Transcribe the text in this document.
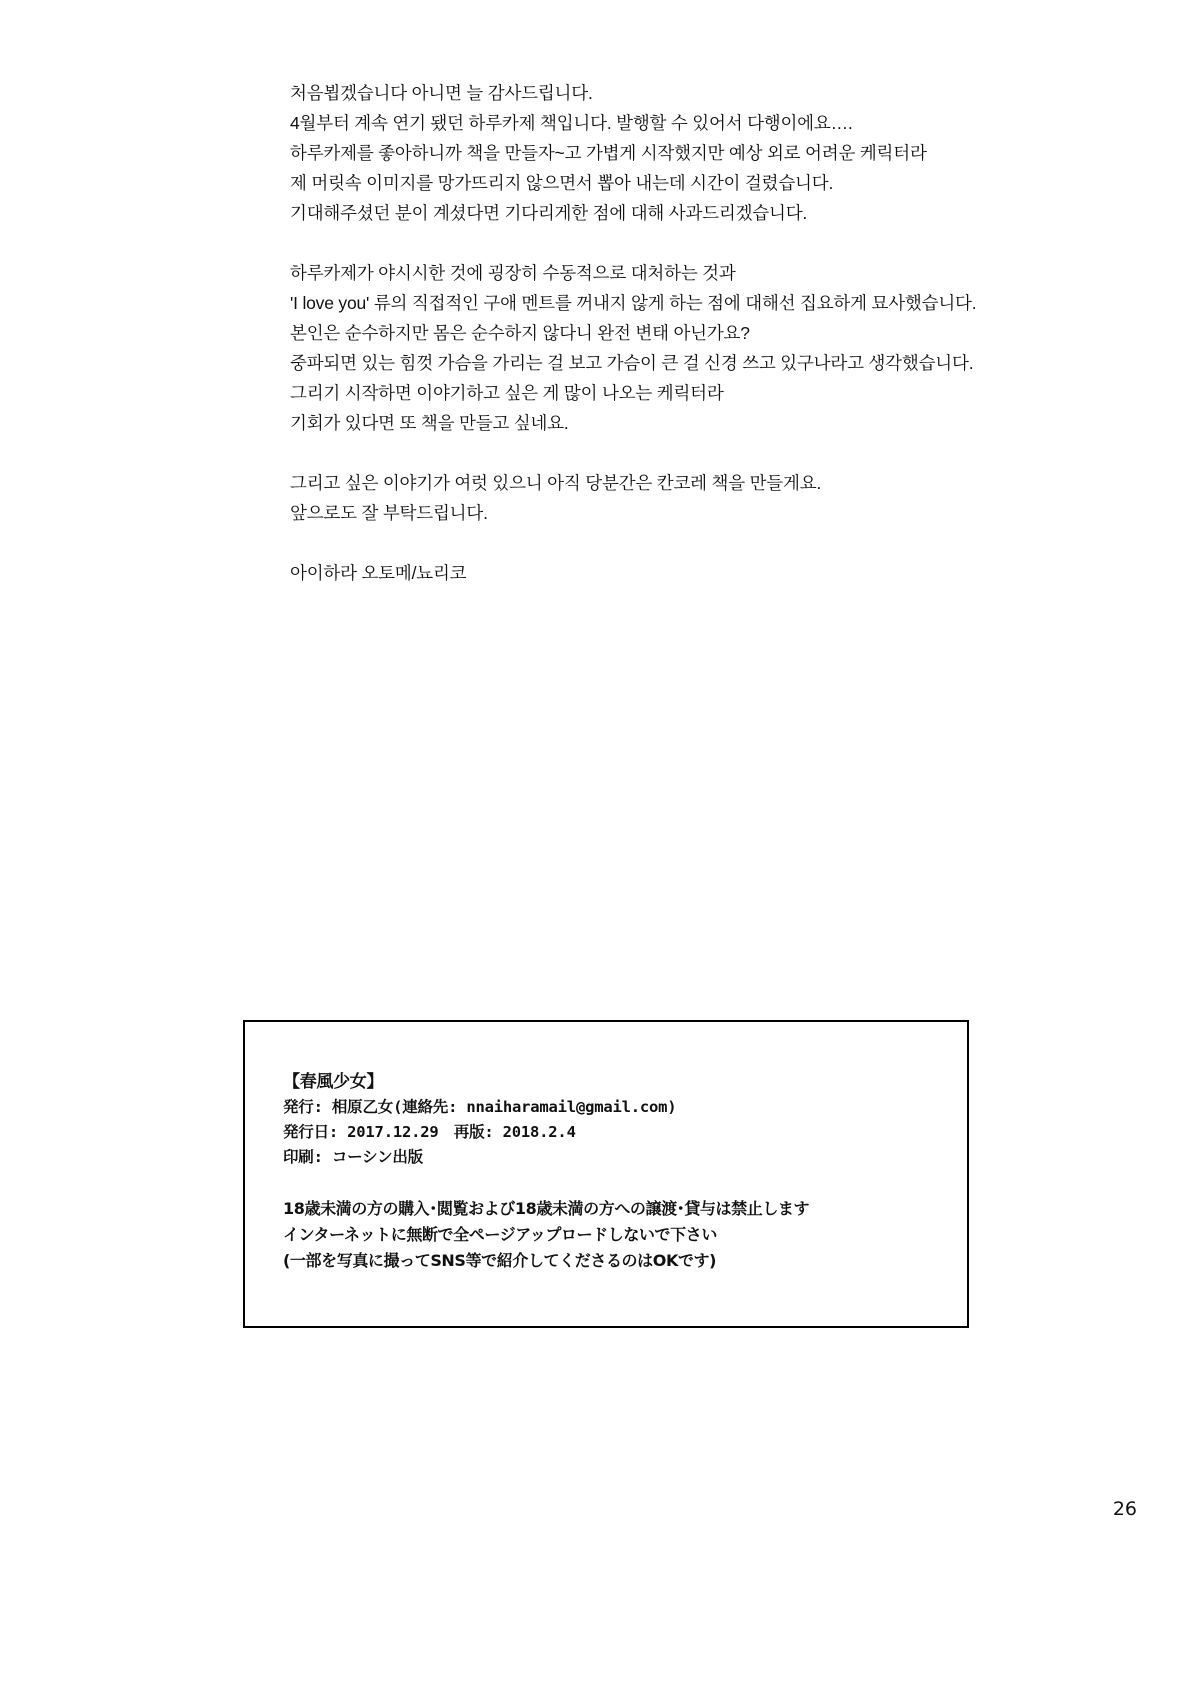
처음뵙겠습니다 아니면 늘 감사드립니다.

4월부터 계속 연기 됐던 하루카제 책입니다. 발행할 수 있어서 다행이에요….

하루카제를 좋아하니까 책을 만들자~고 가볍게 시작했지만 예상 외로 어려운 케릭터라

제 머릿속 이미지를 망가뜨리지 않으면서 뽑아 내는데 시간이 걸렸습니다.

기대해주셨던 분이 계셨다면 기다리게한 점에 대해 사과드리겠습니다.

하루카제가 야시시한 것에 굉장히 수동적으로 대처하는 것과

'I love you' 류의 직접적인 구애 멘트를 꺼내지 않게 하는 점에 대해선 집요하게 묘사했습니다.

본인은 순수하지만 몸은 순수하지 않다니 완전 변태 아닌가요?

중파되면 있는 힘껏 가슴을 가리는 걸 보고 가슴이 큰 걸 신경 쓰고 있구나라고 생각했습니다.

그리기 시작하면 이야기하고 싶은 게 많이 나오는 케릭터라

기회가 있다면 또 책을 만들고 싶네요.

그리고 싶은 이야기가 여럿 있으니 아직 당분간은 칸코레 책을 만들게요.

앞으로도 잘 부탁드립니다.

아이하라 오토메/뇨리코

【春風少女】

発行: 相原乙女(連絡先: nnaiharamail@gmail.com)

発行日: 2017.12.29　再版: 2018.2.4

印刷: コーシン出版

18歳未満の方の購入･閲覧および18歳未満の方への譲渡･貸与は禁止します

インターネットに無断で全ページアップロードしないで下さい

(一部を写真に撮ってSNS等で紹介してくださるのはOKです)

26
